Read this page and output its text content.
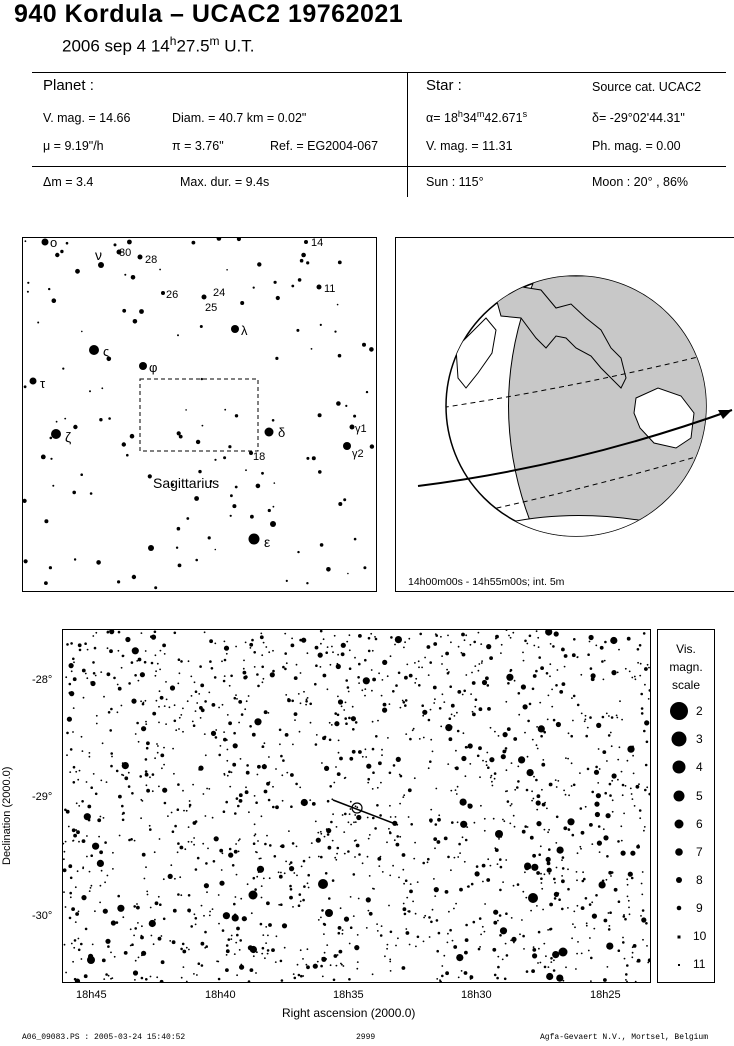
940 Kordula – UCAC2 19762021
2006 sep 4 14$^h$27.5$^m$ U.T.
Planet :
V. mag. = 14.66	Diam. = 40.7 km = 0.02"
μ = 9.19"/h	π = 3.76"	Ref. = EG2004-067
Star :	Source cat. UCAC2
$\alpha= 18^h34^m42.671^s$	δ= -29°02'44.31"
V. mag. = 11.31	Ph. mag. = 0.00
Δm = 3.4	Max. dur. = 9.4s	Sun : 115°	Moon : 20° , 86%
Sagittarius
ο
ν 30
28
14
11
26	24
25
λ
φ
ς
τ
δ
ζ
18
γ1
γ2
ε
14h00m00s - 14h55m00s; int. 5m
-28°
-29°
-30°
18h45	18h40	18h35	18h30	18h25
Right ascension (2000.0)
Declination (2000.0)
Vis.
magn.
scale
2
3
4
5
6
7
8
9
10
11
A06_09083.PS : 2005-03-24 15:40:52	2999	Agfa-Gevaert N.V., Mortsel, Belgium
